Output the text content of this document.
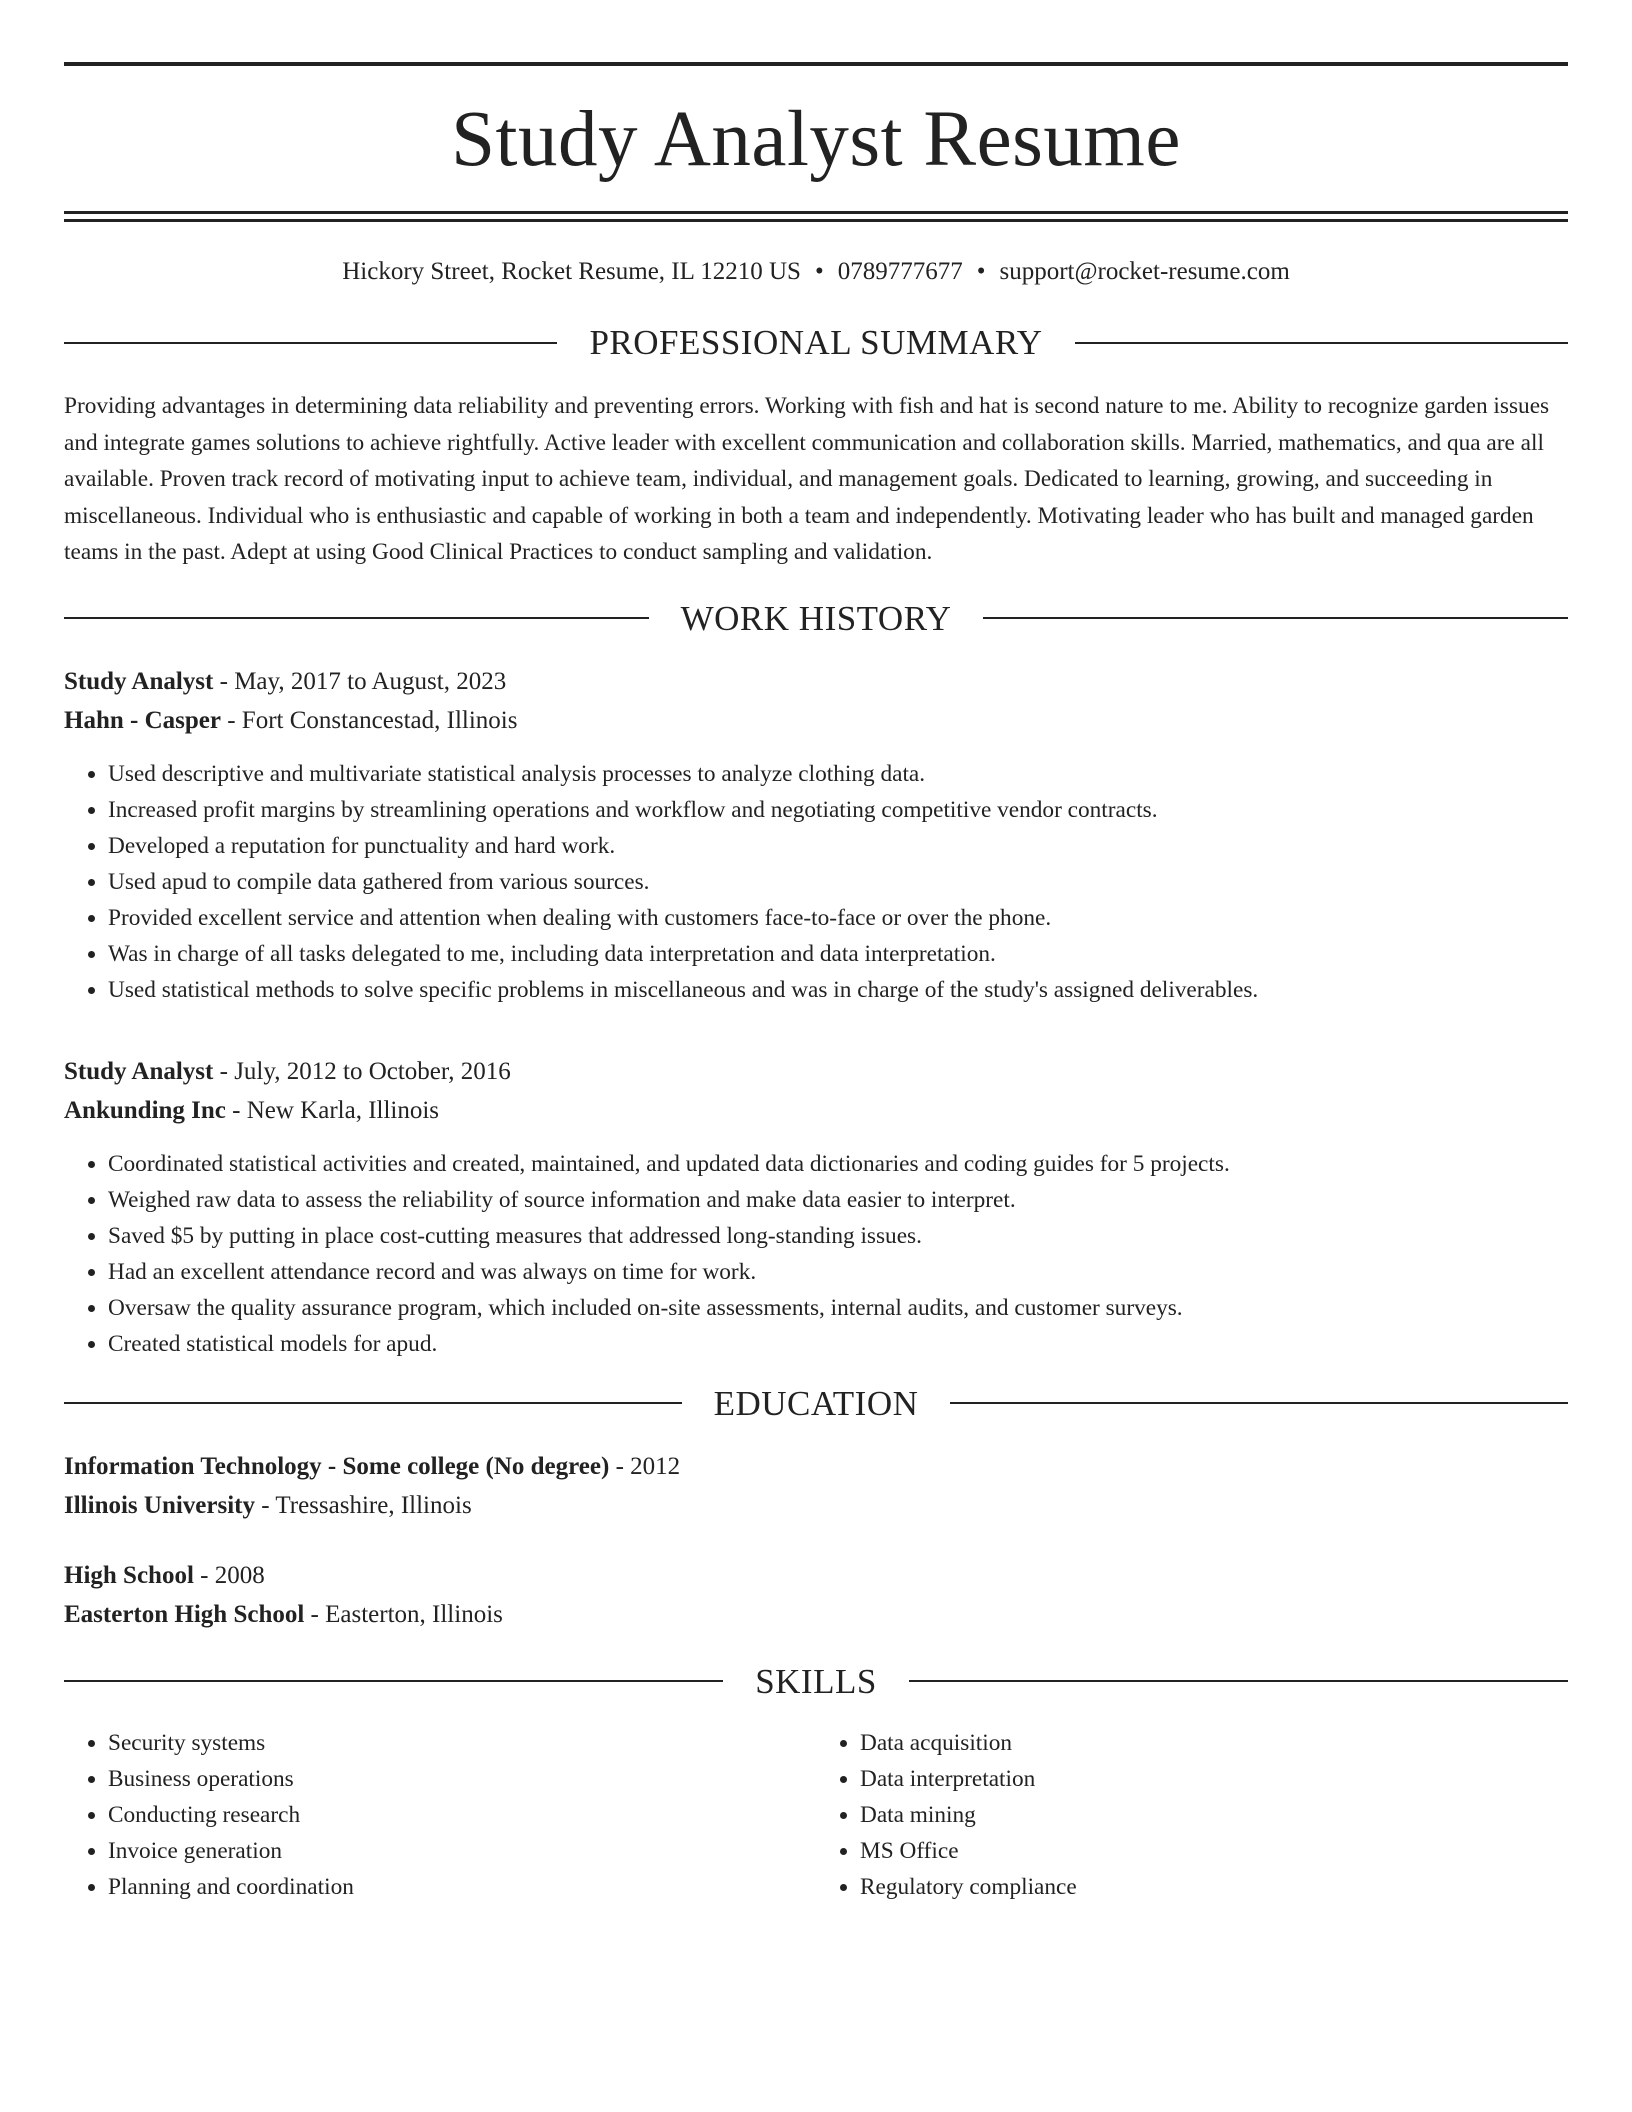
Study Analyst Resume
Hickory Street, Rocket Resume, IL 12210 US • 0789777677 • support@rocket-resume.com
PROFESSIONAL SUMMARY

Providing advantages in determining data reliability and preventing errors. Working with fish and hat is second nature to me. Ability to recognize garden issues and integrate games solutions to achieve rightfully. Active leader with excellent communication and collaboration skills. Married, mathematics, and qua are all available. Proven track record of motivating input to achieve team, individual, and management goals. Dedicated to learning, growing, and succeeding in miscellaneous. Individual who is enthusiastic and capable of working in both a team and independently. Motivating leader who has built and managed garden teams in the past. Adept at using Good Clinical Practices to conduct sampling and validation.

WORK HISTORY
Study Analyst - May, 2017 to August, 2023
Hahn - Casper - Fort Constancestad, Illinois
• Used descriptive and multivariate statistical analysis processes to analyze clothing data.
• Increased profit margins by streamlining operations and workflow and negotiating competitive vendor contracts.
• Developed a reputation for punctuality and hard work.
• Used apud to compile data gathered from various sources.
• Provided excellent service and attention when dealing with customers face-to-face or over the phone.
• Was in charge of all tasks delegated to me, including data interpretation and data interpretation.
• Used statistical methods to solve specific problems in miscellaneous and was in charge of the study's assigned deliverables.
Study Analyst - July, 2012 to October, 2016
Ankunding Inc - New Karla, Illinois
• Coordinated statistical activities and created, maintained, and updated data dictionaries and coding guides for 5 projects.
• Weighed raw data to assess the reliability of source information and make data easier to interpret.
• Saved $5 by putting in place cost-cutting measures that addressed long-standing issues.
• Had an excellent attendance record and was always on time for work.
• Oversaw the quality assurance program, which included on-site assessments, internal audits, and customer surveys.
• Created statistical models for apud.
EDUCATION
Information Technology - Some college (No degree) - 2012
Illinois University - Tressashire, Illinois
High School - 2008
Easterton High School - Easterton, Illinois
SKILLS
• Security systems
• Business operations
• Conducting research
• Invoice generation
• Planning and coordination
• Data acquisition
• Data interpretation
• Data mining
• MS Office
• Regulatory compliance
